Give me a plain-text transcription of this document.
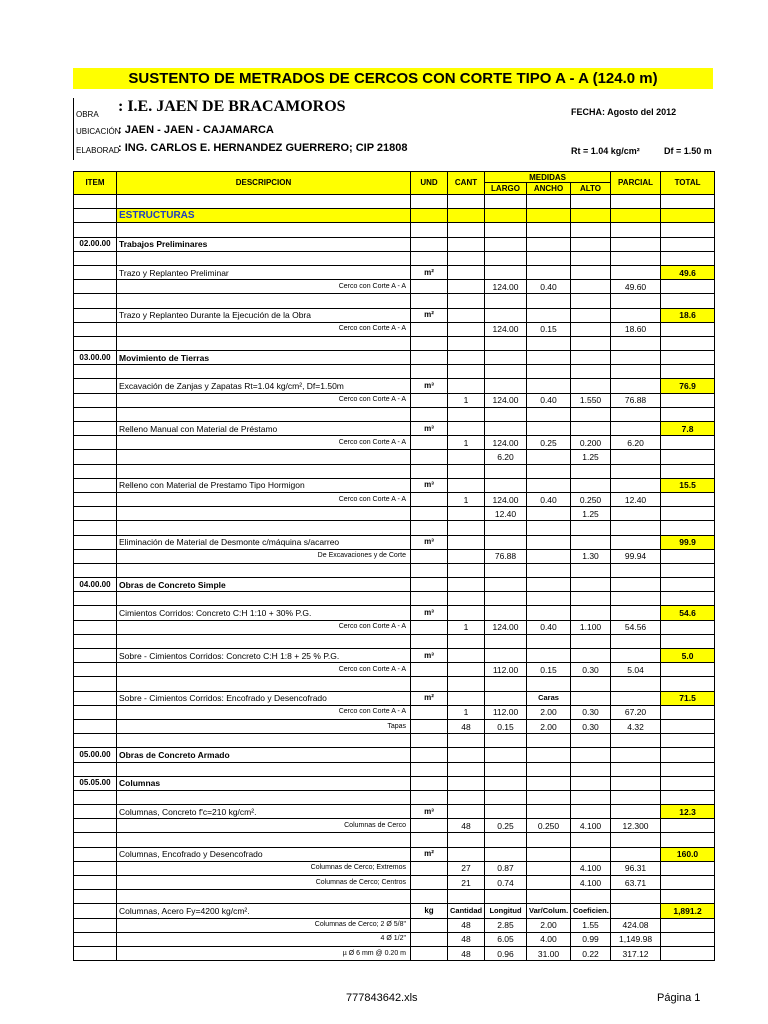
SUSTENTO DE METRADOS DE CERCOS CON CORTE TIPO A - A (124.0 m)
OBRA : I.E. JAEN DE BRACAMOROS	FECHA: Agosto del 2012
UBICACIÓN
: JAEN - JAEN - CAJAMARCA
ELABORAD
: ING. CARLOS E. HERNANDEZ GUERRERO; CIP 21808	Rt = 1.04 kg/cm²	Df = 1.50 m
ITEM	DESCRIPCION	UND	CANT	MEDIDAS			PARCIAL	TOTAL
				LARGO	ANCHO	ALTO		

	ESTRUCTURAS							

02.00.00	Trabajos Preliminares							

	Trazo y Replanteo Preliminar	m²						49.6
	Cerco con Corte A - A			124.00	0.40		49.60	

	Trazo y Replanteo Durante la Ejecución de la Obra	m²						18.6
	Cerco con Corte A - A			124.00	0.15		18.60	

03.00.00	Movimiento de Tierras							

	Excavación de Zanjas y Zapatas Rt=1.04 kg/cm², Df=1.50m	m³						76.9
	Cerco con Corte A - A		1	124.00	0.40	1.550	76.88	

	Relleno Manual con Material de Préstamo	m³						7.8
	Cerco con Corte A - A		1	124.00	0.25	0.200	6.20	
				6.20		1.25		

	Relleno con Material de Prestamo Tipo Hormigon	m³						15.5
	Cerco con Corte A - A		1	124.00	0.40	0.250	12.40	
				12.40		1.25		

	Eliminación de Material de Desmonte c/máquina s/acarreo	m³						99.9
	De Excavaciones y de Corte			76.88		1.30	99.94	

04.00.00	Obras de Concreto Simple							

	Cimientos Corridos: Concreto C:H 1:10 + 30% P.G.	m³						54.6
	Cerco con Corte A - A		1	124.00	0.40	1.100	54.56	

	Sobre - Cimientos Corridos: Concreto C:H 1:8 + 25 % P.G.	m³						5.0
	Cerco con Corte A - A			112.00	0.15	0.30	5.04	

	Sobre - Cimientos Corridos: Encofrado y Desencofrado	m²			Caras			71.5
	Cerco con Corte A - A		1	112.00	2.00	0.30	67.20	
	Tapas		48	0.15	2.00	0.30	4.32	

05.00.00	Obras de Concreto Armado							

05.05.00	Columnas							

	Columnas, Concreto f'c=210 kg/cm².	m³						12.3
	Columnas de Cerco		48	0.25	0.250	4.100	12.300	

	Columnas, Encofrado y Desencofrado	m²						160.0
	Columnas de Cerco; Extremos		27	0.87		4.100	96.31	
	Columnas de Cerco; Centros		21	0.74		4.100	63.71	

	Columnas, Acero Fy=4200 kg/cm².	kg	Cantidad	Longitud	Var/Colum.	Coeficien.		1,891.2
	Columnas de Cerco; 2 Ø 5/8"		48	2.85	2.00	1.55	424.08	
	4 Ø 1/2"		48	6.05	4.00	0.99	1,149.98	
	µ Ø 6 mm @ 0.20 m		48	0.96	31.00	0.22	317.12	
777843642.xls	Página 1
